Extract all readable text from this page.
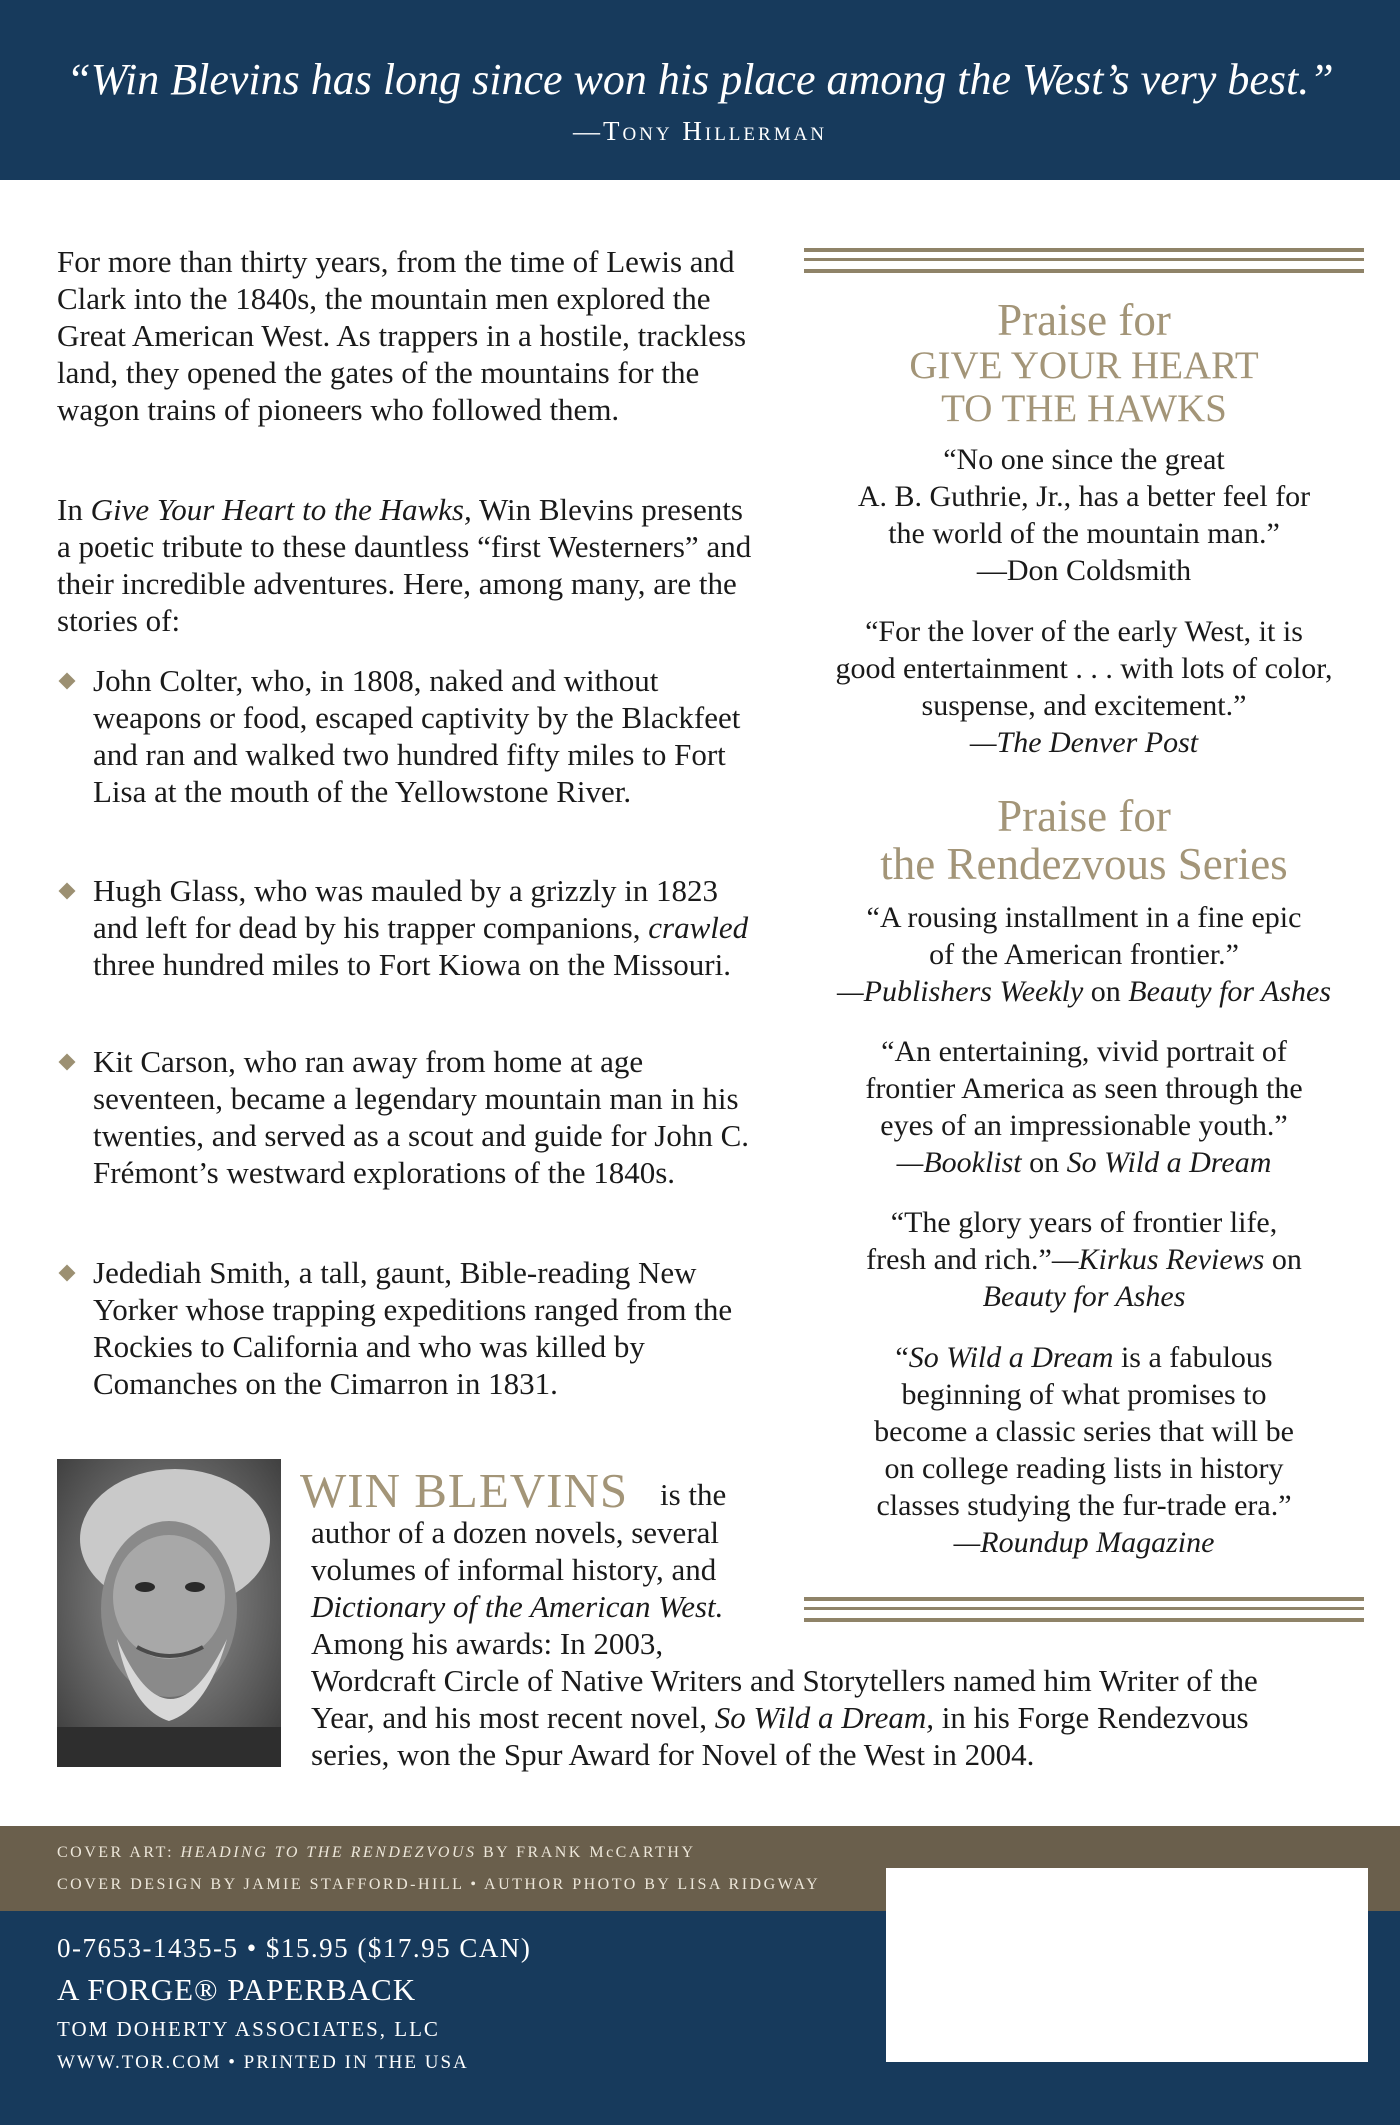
“Win Blevins has long since won his place among the West’s very best.”
—Tony Hillerman
For more than thirty years, from the time of Lewis and Clark into the 1840s, the mountain men explored the Great American West. As trappers in a hostile, trackless land, they opened the gates of the mountains for the wagon trains of pioneers who followed them.
In Give Your Heart to the Hawks, Win Blevins presents a poetic tribute to these dauntless “first Westerners” and their incredible adventures. Here, among many, are the stories of:
John Colter, who, in 1808, naked and without weapons or food, escaped captivity by the Blackfeet and ran and walked two hundred fifty miles to Fort Lisa at the mouth of the Yellowstone River.
Hugh Glass, who was mauled by a grizzly in 1823 and left for dead by his trapper companions, crawled three hundred miles to Fort Kiowa on the Missouri.
Kit Carson, who ran away from home at age seventeen, became a legendary mountain man in his twenties, and served as a scout and guide for John C. Frémont’s westward explorations of the 1840s.
Jedediah Smith, a tall, gaunt, Bible-reading New Yorker whose trapping expeditions ranged from the Rockies to California and who was killed by Comanches on the Cimarron in 1831.
WIN BLEVINS is the
author of a dozen novels, several
volumes of informal history, and
Dictionary of the American West.
Among his awards: In 2003,
Wordcraft Circle of Native Writers and Storytellers named him Writer of the
Year, and his most recent novel, So Wild a Dream, in his Forge Rendezvous
series, won the Spur Award for Novel of the West in 2004.
Praise for
GIVE YOUR HEART
TO THE HAWKS
“No one since the great
A. B. Guthrie, Jr., has a better feel for
the world of the mountain man.”
—Don Coldsmith
“For the lover of the early West, it is
good entertainment . . . with lots of color,
suspense, and excitement.”
—The Denver Post
Praise for
the Rendezvous Series
“A rousing installment in a fine epic
of the American frontier.”
—Publishers Weekly on Beauty for Ashes
“An entertaining, vivid portrait of
frontier America as seen through the
eyes of an impressionable youth.”
—Booklist on So Wild a Dream
“The glory years of frontier life,
fresh and rich.”—Kirkus Reviews on
Beauty for Ashes
“So Wild a Dream is a fabulous
beginning of what promises to
become a classic series that will be
on college reading lists in history
classes studying the fur-trade era.”
—Roundup Magazine
COVER ART: HEADING TO THE RENDEZVOUS BY FRANK McCARTHY
COVER DESIGN BY JAMIE STAFFORD-HILL • AUTHOR PHOTO BY LISA RIDGWAY
0-7653-1435-5 • $15.95 ($17.95 CAN)
A FORGE® PAPERBACK
TOM DOHERTY ASSOCIATES, LLC
WWW.TOR.COM • PRINTED IN THE USA
